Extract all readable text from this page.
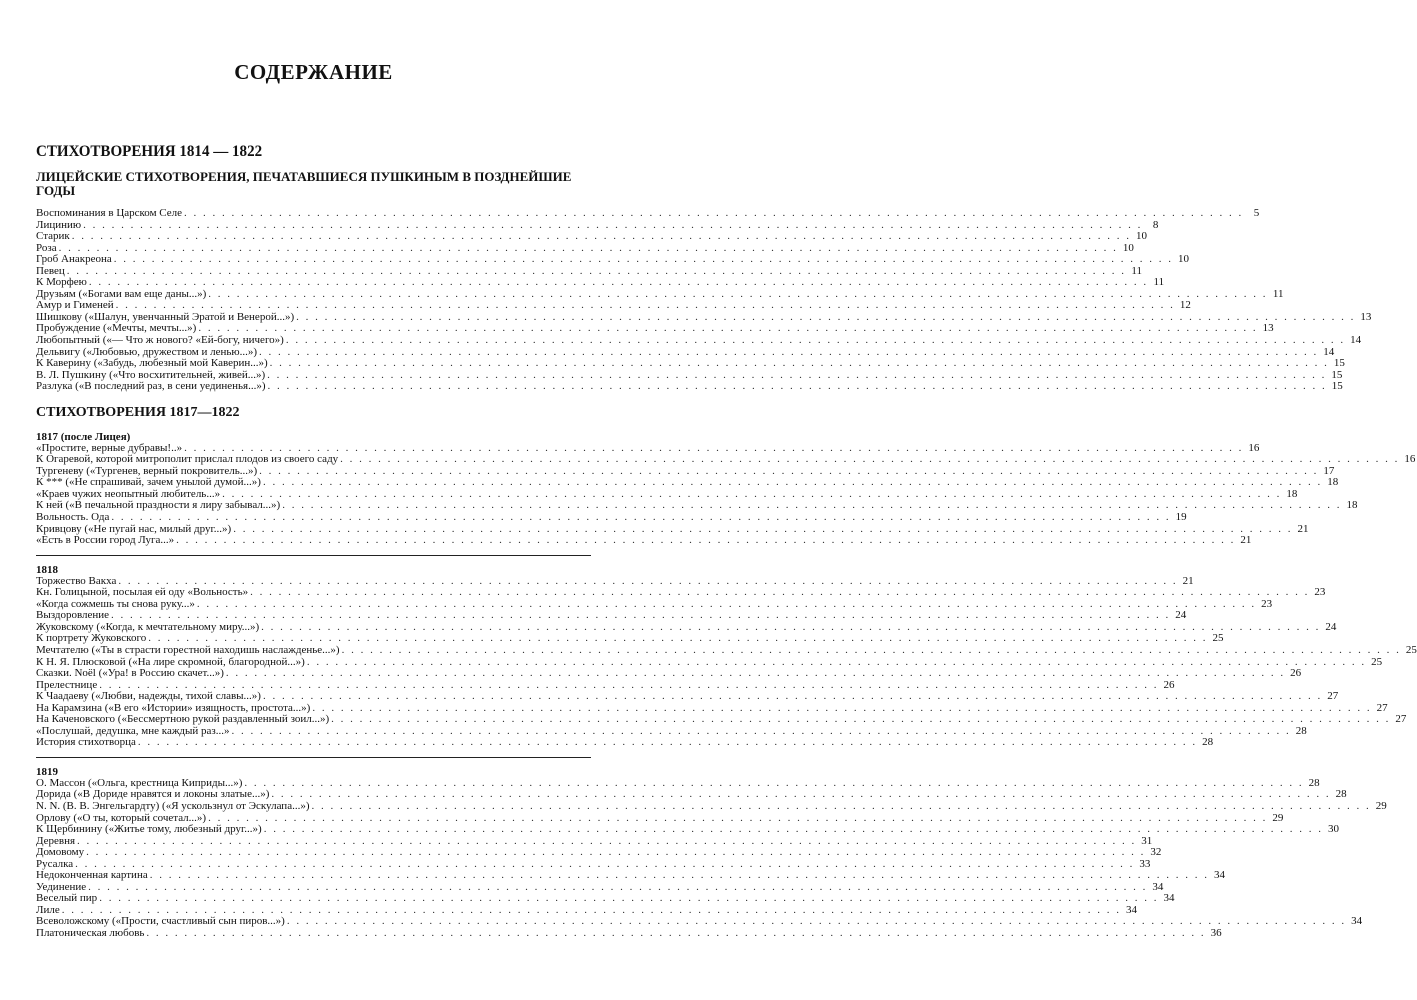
СОДЕРЖАНИЕ
СТИХОТВОРЕНИЯ 1814 — 1822
ЛИЦЕЙСКИЕ СТИХОТВОРЕНИЯ, ПЕЧАТАВШИЕСЯ ПУШКИНЫМ В ПОЗДНЕЙШИЕ ГОДЫ
Воспоминания в Царском Селе . . .	5
Лицинию . . .	8
Старик . . .	10
Роза . . .	10
Гроб Анакреона . . .	10
Певец . . .	11
К Морфею . . .	11
Друзьям («Богами вам еще даны...») . . .	11
Амур и Гименей . . .	12
Шишкову («Шалун, увенчанный Эратой и Венерой...») . . .	13
Пробуждение («Мечты, мечты...») . . .	13
Любопытный («— Что ж нового? «Ей-богу, ничего») . . .	14
Дельвигу («Любовью, дружеством и ленью...») . . .	14
К Каверину («Забудь, любезный мой Каверин...») . . .	15
В. Л. Пушкину («Что восхитительней, живей...») . . .	15
Разлука («В последний раз, в сени уединенья...») . . .	15
СТИХОТВОРЕНИЯ 1817—1822
1817 (после Лицея)
«Простите, верные дубравы!..» . . .	16
К Огаревой, которой митрополит прислал плодов из своего саду . . .	16
Тургеневу («Тургенев, верный покровитель...») . . .	17
К *** («Не спрашивай, зачем унылой думой...») . . .	18
«Краев чужих неопытный любитель...» . . .	18
К ней («В печальной праздности я лиру забывал...») . . .	18
Вольность. Ода . . .	19
Кривцову («Не пугай нас, милый друг...») . . .	21
«Есть в России город Луга...» . . .	21
1818
Торжество Вакха . . .	21
Кн. Голицыной, посылая ей оду «Вольность» . . .	23
«Когда сожмешь ты снова руку...» . . .	23
Выздоровление . . .	24
Жуковскому («Когда, к мечтательному миру...») . . .	24
К портрету Жуковского . . .	25
Мечтателю («Ты в страсти горестной находишь наслажденье...») . . .	25
К Н. Я. Плюсковой («На лире скромной, благородной...») . . .	25
Сказки. Noël («Ура! в Россию скачет...») . . .	26
Прелестнице . . .	26
К Чаадаеву («Любви, надежды, тихой славы...») . . .	27
На Карамзина («В его «Истории» изящность, простота...») . . .	27
На Каченовского («Бессмертною рукой раздавленный зоил...») . . .	27
«Послушай, дедушка, мне каждый раз...» . . .	28
История стихотворца . . .	28
1819
О. Массон («Ольга, крестница Киприды...») . . .	28
Дорида («В Дориде нравятся и локоны златые...») . . .	28
N. N. (В. В. Энгельгардту) («Я ускользнул от Эскулапа...») . . .	29
Орлову («О ты, который сочетал...») . . .	29
К Щербинину («Житье тому, любезный друг...») . . .	30
Деревня . . .	31
Домовому . . .	32
Русалка . . .	33
Недоконченная картина . . .	34
Уединение . . .	34
Веселый пир . . .	34
Лиле . . .	34
Всеволожскому («Прости, счастливый сын пиров...») . . .	34
Платоническая любовь . . .	36
